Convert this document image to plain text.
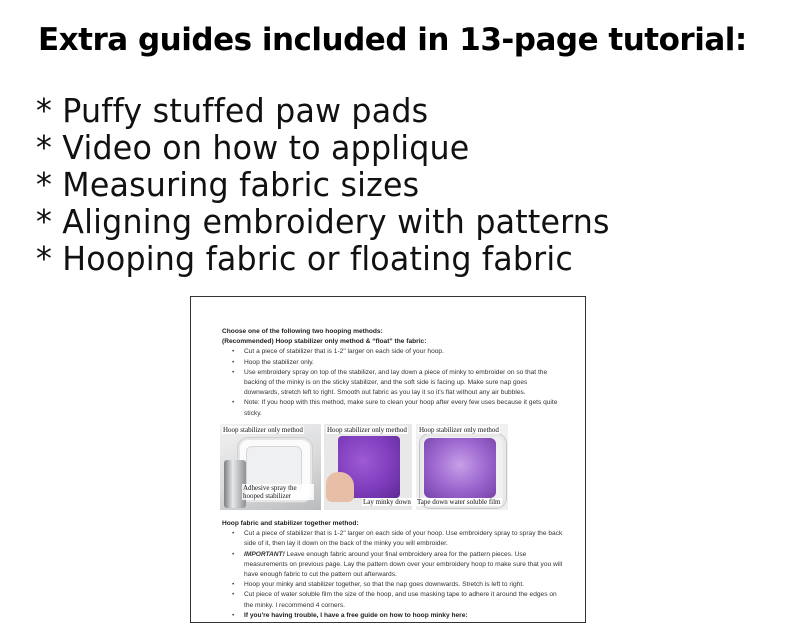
Extra guides included in 13-page tutorial:
* Puffy stuffed paw pads
* Video on how to applique
* Measuring fabric sizes
* Aligning embroidery with patterns
* Hooping fabric or floating fabric
Choose one of the following two hooping methods:
(Recommended) Hoop stabilizer only method & “float” the fabric:
• Cut a piece of stabilizer that is 1-2" larger on each side of your hoop.
• Hoop the stabilizer only.
• Use embroidery spray on top of the stabilizer, and lay down a piece of minky to embroider on so that the backing of the minky is on the sticky stabilizer, and the soft side is facing up. Make sure nap goes downwards, stretch left to right. Smooth out fabric as you lay it so it's flat without any air bubbles.
• Note: If you hoop with this method, make sure to clean your hoop after every few uses because it gets quite sticky.
Hoop stabilizer only method
Adhesive spray the hooped stabilizer
Hoop stabilizer only method
Lay minky down
Hoop stabilizer only method
Tape down water soluble film
Hoop fabric and stabilizer together method:
• Cut a piece of stabilizer that is 1-2" larger on each side of your hoop. Use embroidery spray to spray the back side of it, then lay it down on the back of the minky you will embroider.
• IMPORTANT! Leave enough fabric around your final embroidery area for the pattern pieces. Use measurements on previous page. Lay the pattern down over your embroidery hoop to make sure that you will have enough fabric to cut the pattern out afterwards.
• Hoop your minky and stabilizer together, so that the nap goes downwards. Stretch is left to right.
• Cut piece of water soluble film the size of the hoop, and use masking tape to adhere it around the edges on the minky. I recommend 4 corners.
• If you're having trouble, I have a free guide on how to hoop minky here:
